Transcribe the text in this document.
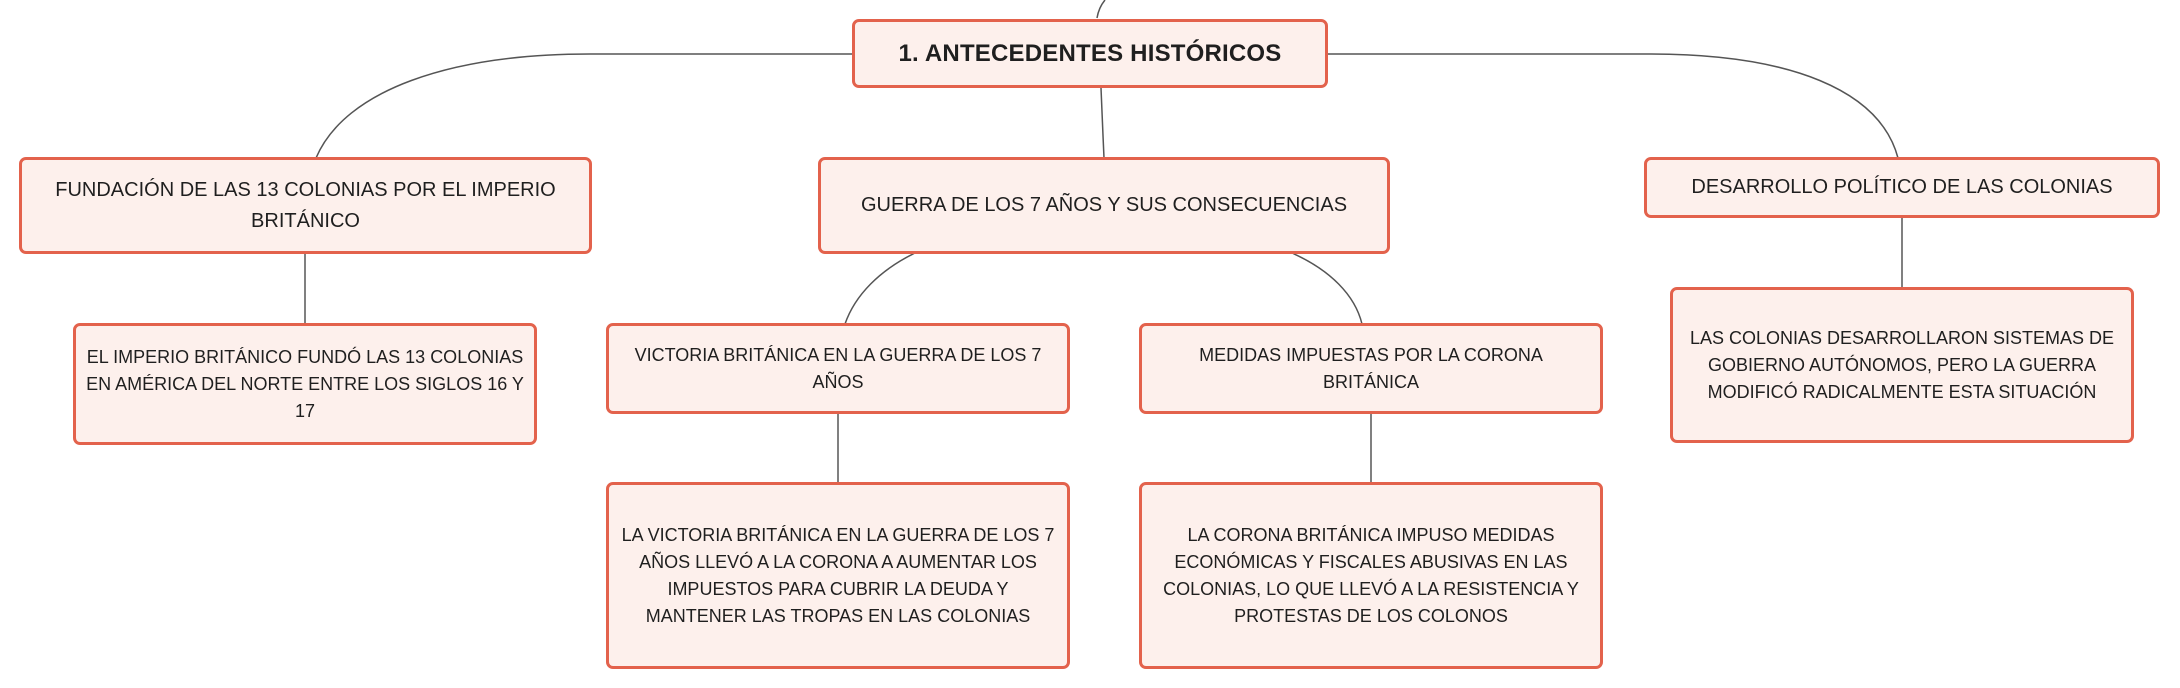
1. ANTECEDENTES HISTÓRICOS
FUNDACIÓN DE LAS 13 COLONIAS POR EL IMPERIO BRITÁNICO
GUERRA DE LOS 7 AÑOS Y SUS CONSECUENCIAS
DESARROLLO POLÍTICO DE LAS COLONIAS
EL IMPERIO BRITÁNICO FUNDÓ LAS 13 COLONIAS EN AMÉRICA DEL NORTE ENTRE LOS SIGLOS 16 Y 17
VICTORIA BRITÁNICA EN LA GUERRA DE LOS 7 AÑOS
MEDIDAS IMPUESTAS POR LA CORONA BRITÁNICA
LAS COLONIAS DESARROLLARON SISTEMAS DE GOBIERNO AUTÓNOMOS, PERO LA GUERRA MODIFICÓ RADICALMENTE ESTA SITUACIÓN
LA VICTORIA BRITÁNICA EN LA GUERRA DE LOS 7 AÑOS LLEVÓ A LA CORONA A AUMENTAR LOS IMPUESTOS PARA CUBRIR LA DEUDA Y MANTENER LAS TROPAS EN LAS COLONIAS
LA CORONA BRITÁNICA IMPUSO MEDIDAS ECONÓMICAS Y FISCALES ABUSIVAS EN LAS COLONIAS, LO QUE LLEVÓ A LA RESISTENCIA Y PROTESTAS DE LOS COLONOS
